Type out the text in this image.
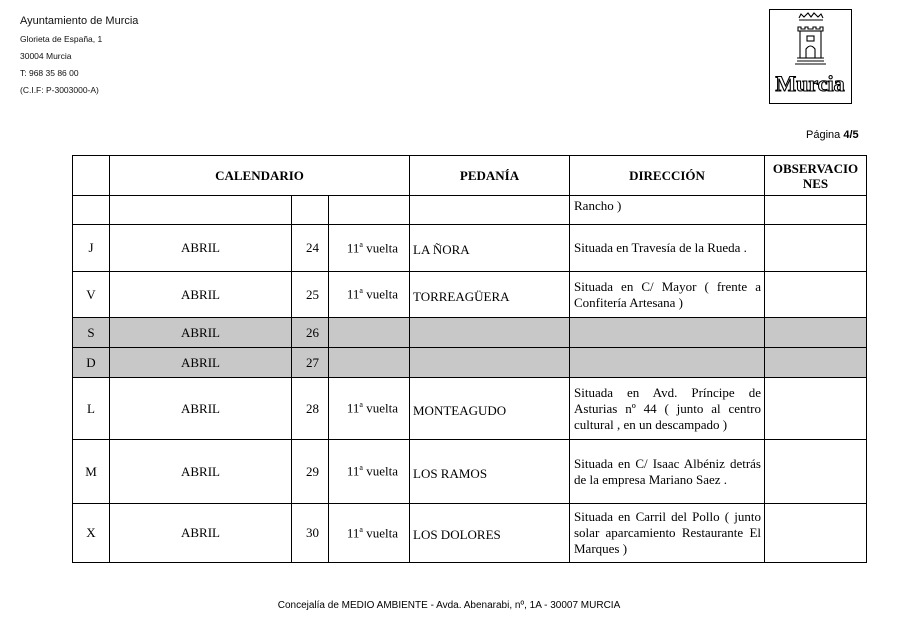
Ayuntamiento de Murcia
Glorieta de España, 1
30004 Murcia
T: 968 35 86 00
(C.I.F: P-3003000-A)	Murcia
Página 4/5
	CALENDARIO			PEDANÍA	DIRECCIÓN	OBSERVACIO
NES
					Rancho )	
J	ABRIL	24	11$^a$ vuelta	LA ÑORA	Situada en Travesía de la Rueda .	
V	ABRIL	25	11$^a$ vuelta	TORREAGÜERA	Situada en C/ Mayor ( frente a Confitería Artesana )	
S	ABRIL	26				
D	ABRIL	27				
L	ABRIL	28	11$^a$ vuelta	MONTEAGUDO	Situada en Avd. Príncipe de Asturias nº 44 ( junto al centro cultural , en un descampado )	
M	ABRIL	29	11$^a$ vuelta	LOS RAMOS	Situada en C/ Isaac Albéniz detrás de la empresa Mariano Saez .	
X	ABRIL	30	11$^a$ vuelta	LOS DOLORES	Situada en Carril del Pollo ( junto solar aparcamiento Restaurante El Marques )	
Concejalía de MEDIO AMBIENTE - Avda. Abenarabi, nº, 1A - 30007 MURCIA
